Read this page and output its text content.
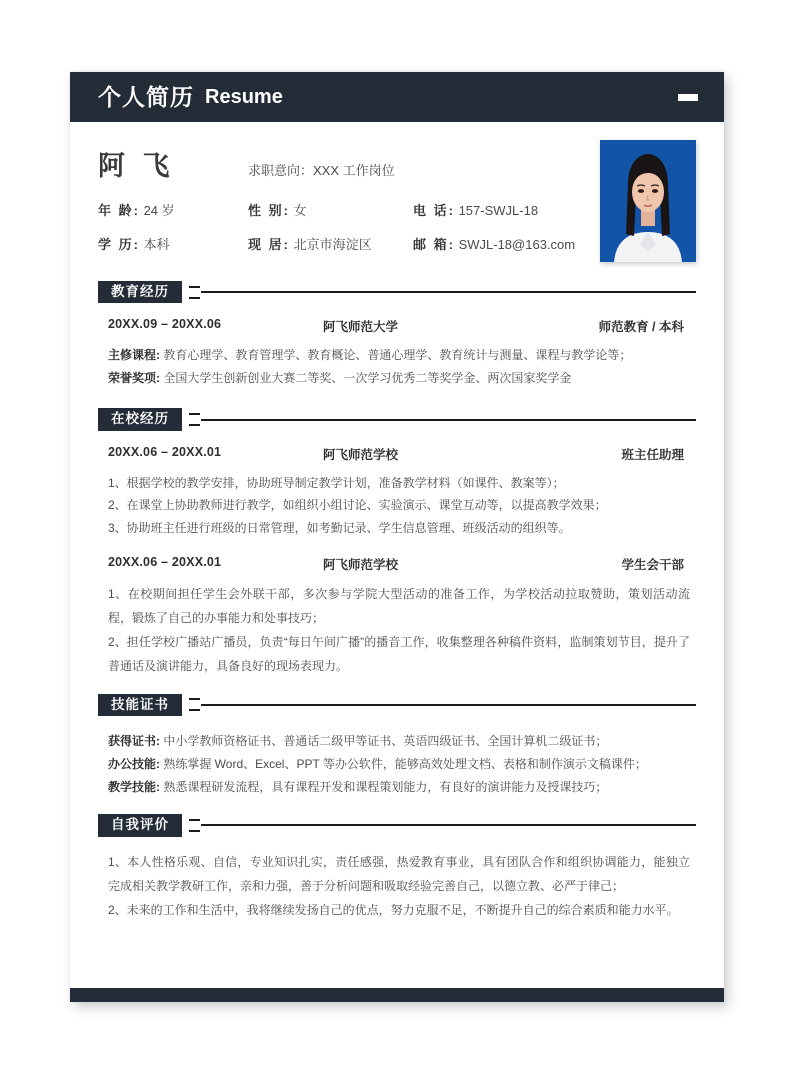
个人简历 Resume
阿 飞	求职意向：XXX 工作岗位
年 龄: 24 岁	性 别: 女	电 话: 157-SWJL-18
学 历: 本科	现 居: 北京市海淀区	邮 箱: SWJL-18@163.com
教育经历
20XX.09 – 20XX.06	阿飞师范大学	师范教育 / 本科
主修课程: 教育心理学、教育管理学、教育概论、普通心理学、教育统计与测量、课程与教学论等；
荣誉奖项: 全国大学生创新创业大赛二等奖、一次学习优秀二等奖学金、两次国家奖学金
在校经历
20XX.06 – 20XX.01	阿飞师范学校	班主任助理
1、根据学校的教学安排，协助班导制定教学计划，准备教学材料（如课件、教案等）；
2、在课堂上协助教师进行教学，如组织小组讨论、实验演示、课堂互动等，以提高教学效果；
3、协助班主任进行班级的日常管理，如考勤记录、学生信息管理、班级活动的组织等。
20XX.06 – 20XX.01	阿飞师范学校	学生会干部
1、在校期间担任学生会外联干部，多次参与学院大型活动的准备工作，为学校活动拉取赞助，策划活动流程，锻炼了自己的办事能力和处事技巧；
2、担任学校广播站广播员，负责“每日午间广播”的播音工作，收集整理各种稿件资料，监制策划节目，提升了普通话及演讲能力，具备良好的现场表现力。
技能证书
获得证书: 中小学教师资格证书、普通话二级甲等证书、英语四级证书、全国计算机二级证书；
办公技能: 熟练掌握 Word、Excel、PPT 等办公软件，能够高效处理文档、表格和制作演示文稿课件；
教学技能: 熟悉课程研发流程，具有课程开发和课程策划能力，有良好的演讲能力及授课技巧；
自我评价
1、本人性格乐观、自信，专业知识扎实，责任感强，热爱教育事业，具有团队合作和组织协调能力，能独立完成相关教学教研工作，亲和力强，善于分析问题和吸取经验完善自己，以德立教、必严于律己；
2、未来的工作和生活中，我将继续发扬自己的优点，努力克服不足，不断提升自己的综合素质和能力水平。
